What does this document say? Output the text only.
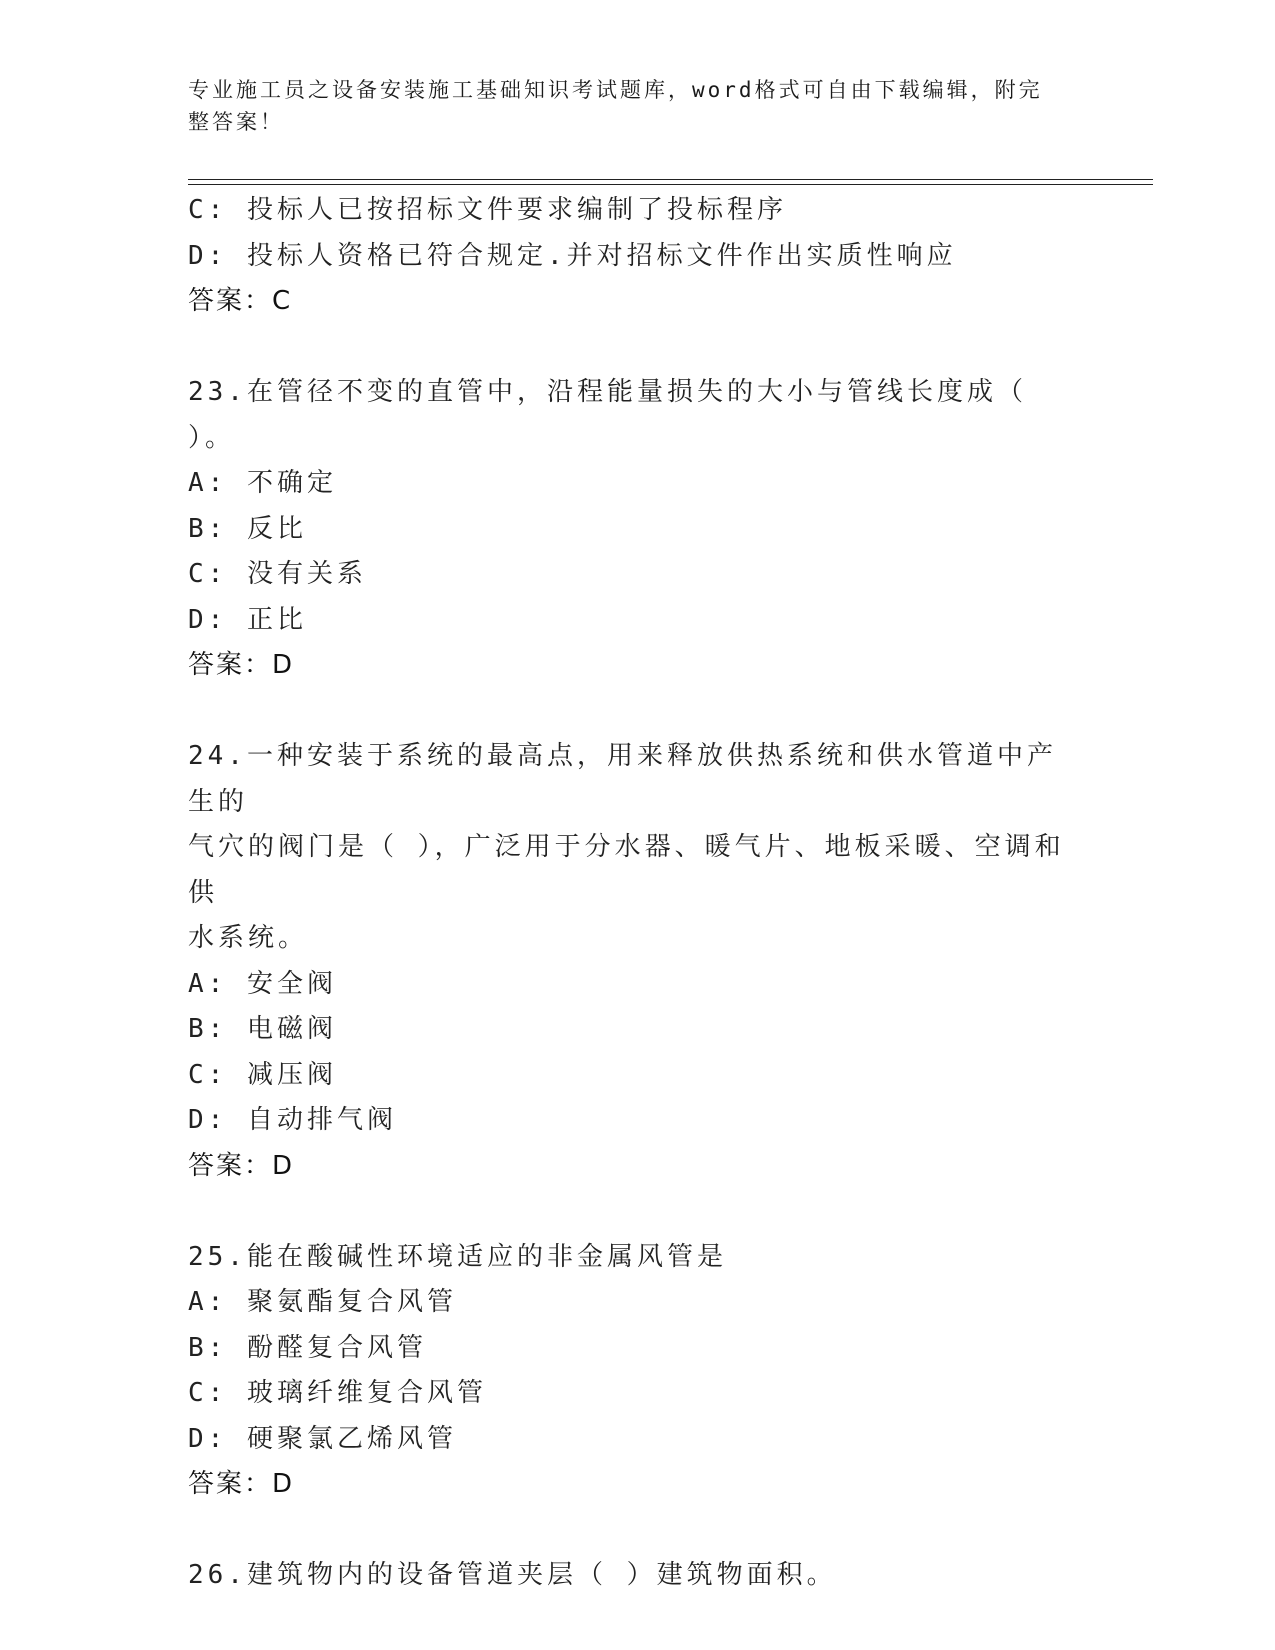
专业施工员之设备安装施工基础知识考试题库，word格式可自由下载编辑，附完
整答案！
C: 投标人已按招标文件要求编制了投标程序
D: 投标人资格已符合规定.并对招标文件作出实质性响应
答案：C
23.在管径不变的直管中，沿程能量损失的大小与管线长度成（ ）。
A: 不确定
B: 反比
C: 没有关系
D: 正比
答案：D
24.一种安装于系统的最高点，用来释放供热系统和供水管道中产生的
气穴的阀门是（ ），广泛用于分水器、暖气片、地板采暖、空调和供
水系统。
A: 安全阀
B: 电磁阀
C: 减压阀
D: 自动排气阀
答案：D
25.能在酸碱性环境适应的非金属风管是
A: 聚氨酯复合风管
B: 酚醛复合风管
C: 玻璃纤维复合风管
D: 硬聚氯乙烯风管
答案：D
26.建筑物内的设备管道夹层（ ）建筑物面积。
